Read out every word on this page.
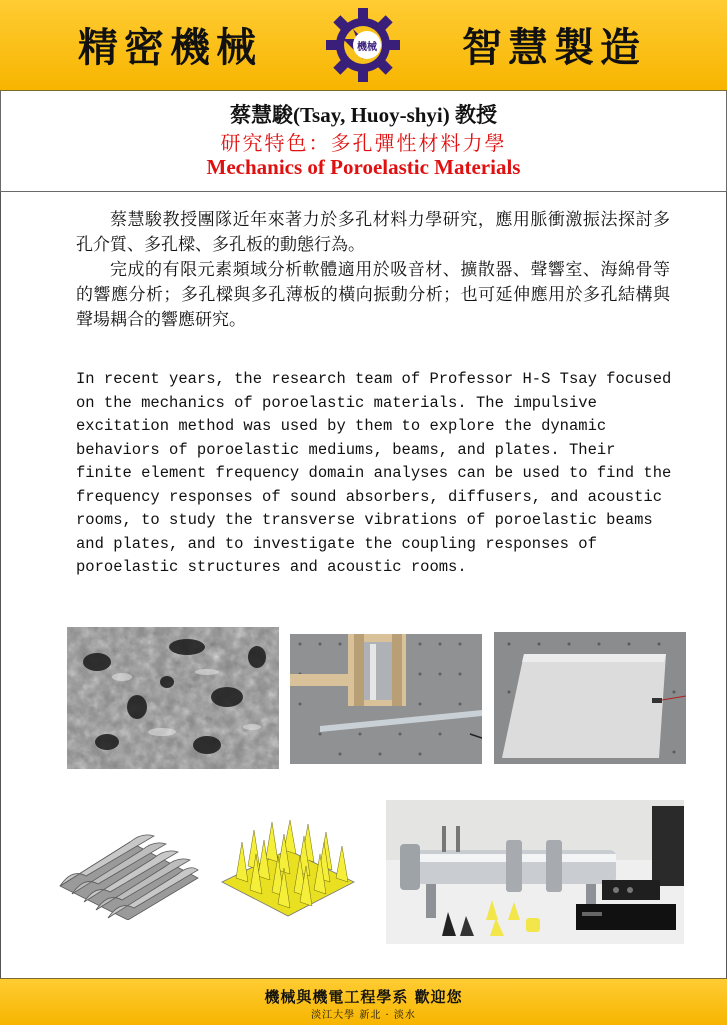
精密機械	機械 智慧製造
蔡慧駿(Tsay, Huoy-shyi) 教授
研究特色：多孔彈性材料力學
Mechanics of Poroelastic Materials

蔡慧駿教授團隊近年來著力於多孔材料力學研究，應用脈衝激振法探討多孔介質、多孔樑、多孔板的動態行為。

完成的有限元素頻域分析軟體適用於吸音材、擴散器、聲響室、海綿骨等的響應分析；多孔樑與多孔薄板的橫向振動分析；也可延伸應用於多孔結構與聲場耦合的響應研究。

In recent years, the research team of Professor H-S Tsay focused on the mechanics of poroelastic materials. The impulsive excitation method was used by them to explore the dynamic behaviors of poroelastic mediums, beams, and plates. Their finite element frequency domain analyses can be used to find the frequency responses of sound absorbers, diffusers, and acoustic rooms, to study the transverse vibrations of poroelastic beams and plates, and to investigate the coupling responses of poroelastic structures and acoustic rooms.
機械與機電工程學系 歡迎您
淡江大學 新北 · 淡水
